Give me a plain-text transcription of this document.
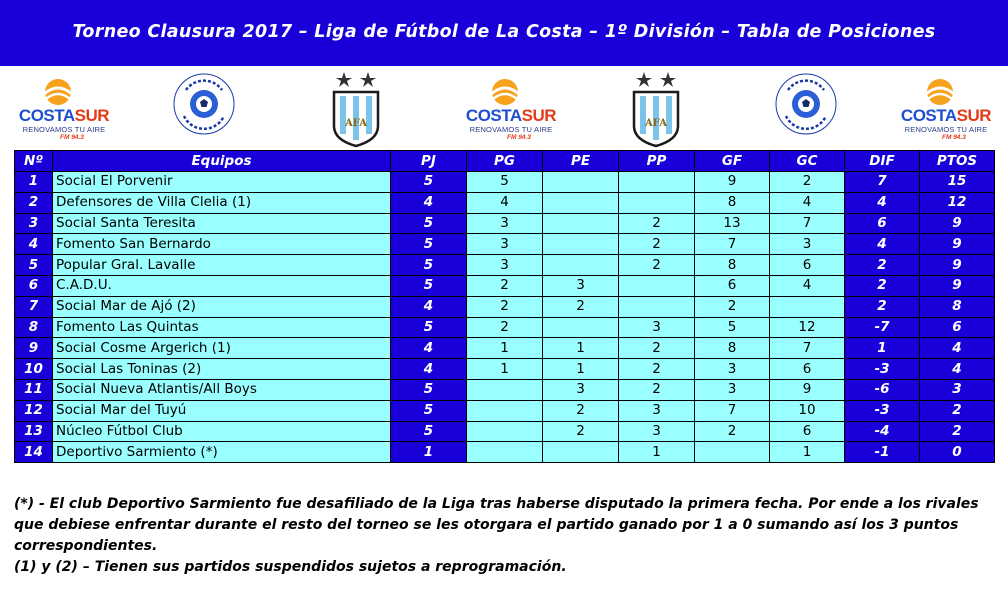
Torneo Clausura 2017 – Liga de Fútbol de La Costa – 1º División – Tabla de Posiciones
COSTASUR
RENOVAMOS TU AIRE
FM 94.3
AFA	COSTASUR
RENOVAMOS TU AIRE
FM 94.3
AFA	COSTASUR
RENOVAMOS TU AIRE
FM 94.3
Nº	Equipos	PJ	PG	PE	PP	GF	GC	DIF	PTOS
1	Social El Porvenir	5	5			9	2	7	15
2	Defensores de Villa Clelia (1)	4	4			8	4	4	12
3	Social Santa Teresita	5	3		2	13	7	6	9
4	Fomento San Bernardo	5	3		2	7	3	4	9
5	Popular Gral. Lavalle	5	3		2	8	6	2	9
6	C.A.D.U.	5	2	3		6	4	2	9
7	Social Mar de Ajó (2)	4	2	2		2		2	8
8	Fomento Las Quintas	5	2		3	5	12	-7	6
9	Social Cosme Argerich (1)	4	1	1	2	8	7	1	4
10	Social Las Toninas (2)	4	1	1	2	3	6	-3	4
11	Social Nueva Atlantis/All Boys	5		3	2	3	9	-6	3
12	Social Mar del Tuyú	5		2	3	7	10	-3	2
13	Núcleo Fútbol Club	5		2	3	2	6	-4	2
14	Deportivo Sarmiento (*)	1			1		1	-1	0

(*) - El club Deportivo Sarmiento fue desafiliado de la Liga tras haberse disputado la primera fecha. Por ende a los rivales

que debiese enfrentar durante el resto del torneo se les otorgara el partido ganado por 1 a 0 sumando así los 3 puntos

correspondientes.

(1) y (2) – Tienen sus partidos suspendidos sujetos a reprogramación.
